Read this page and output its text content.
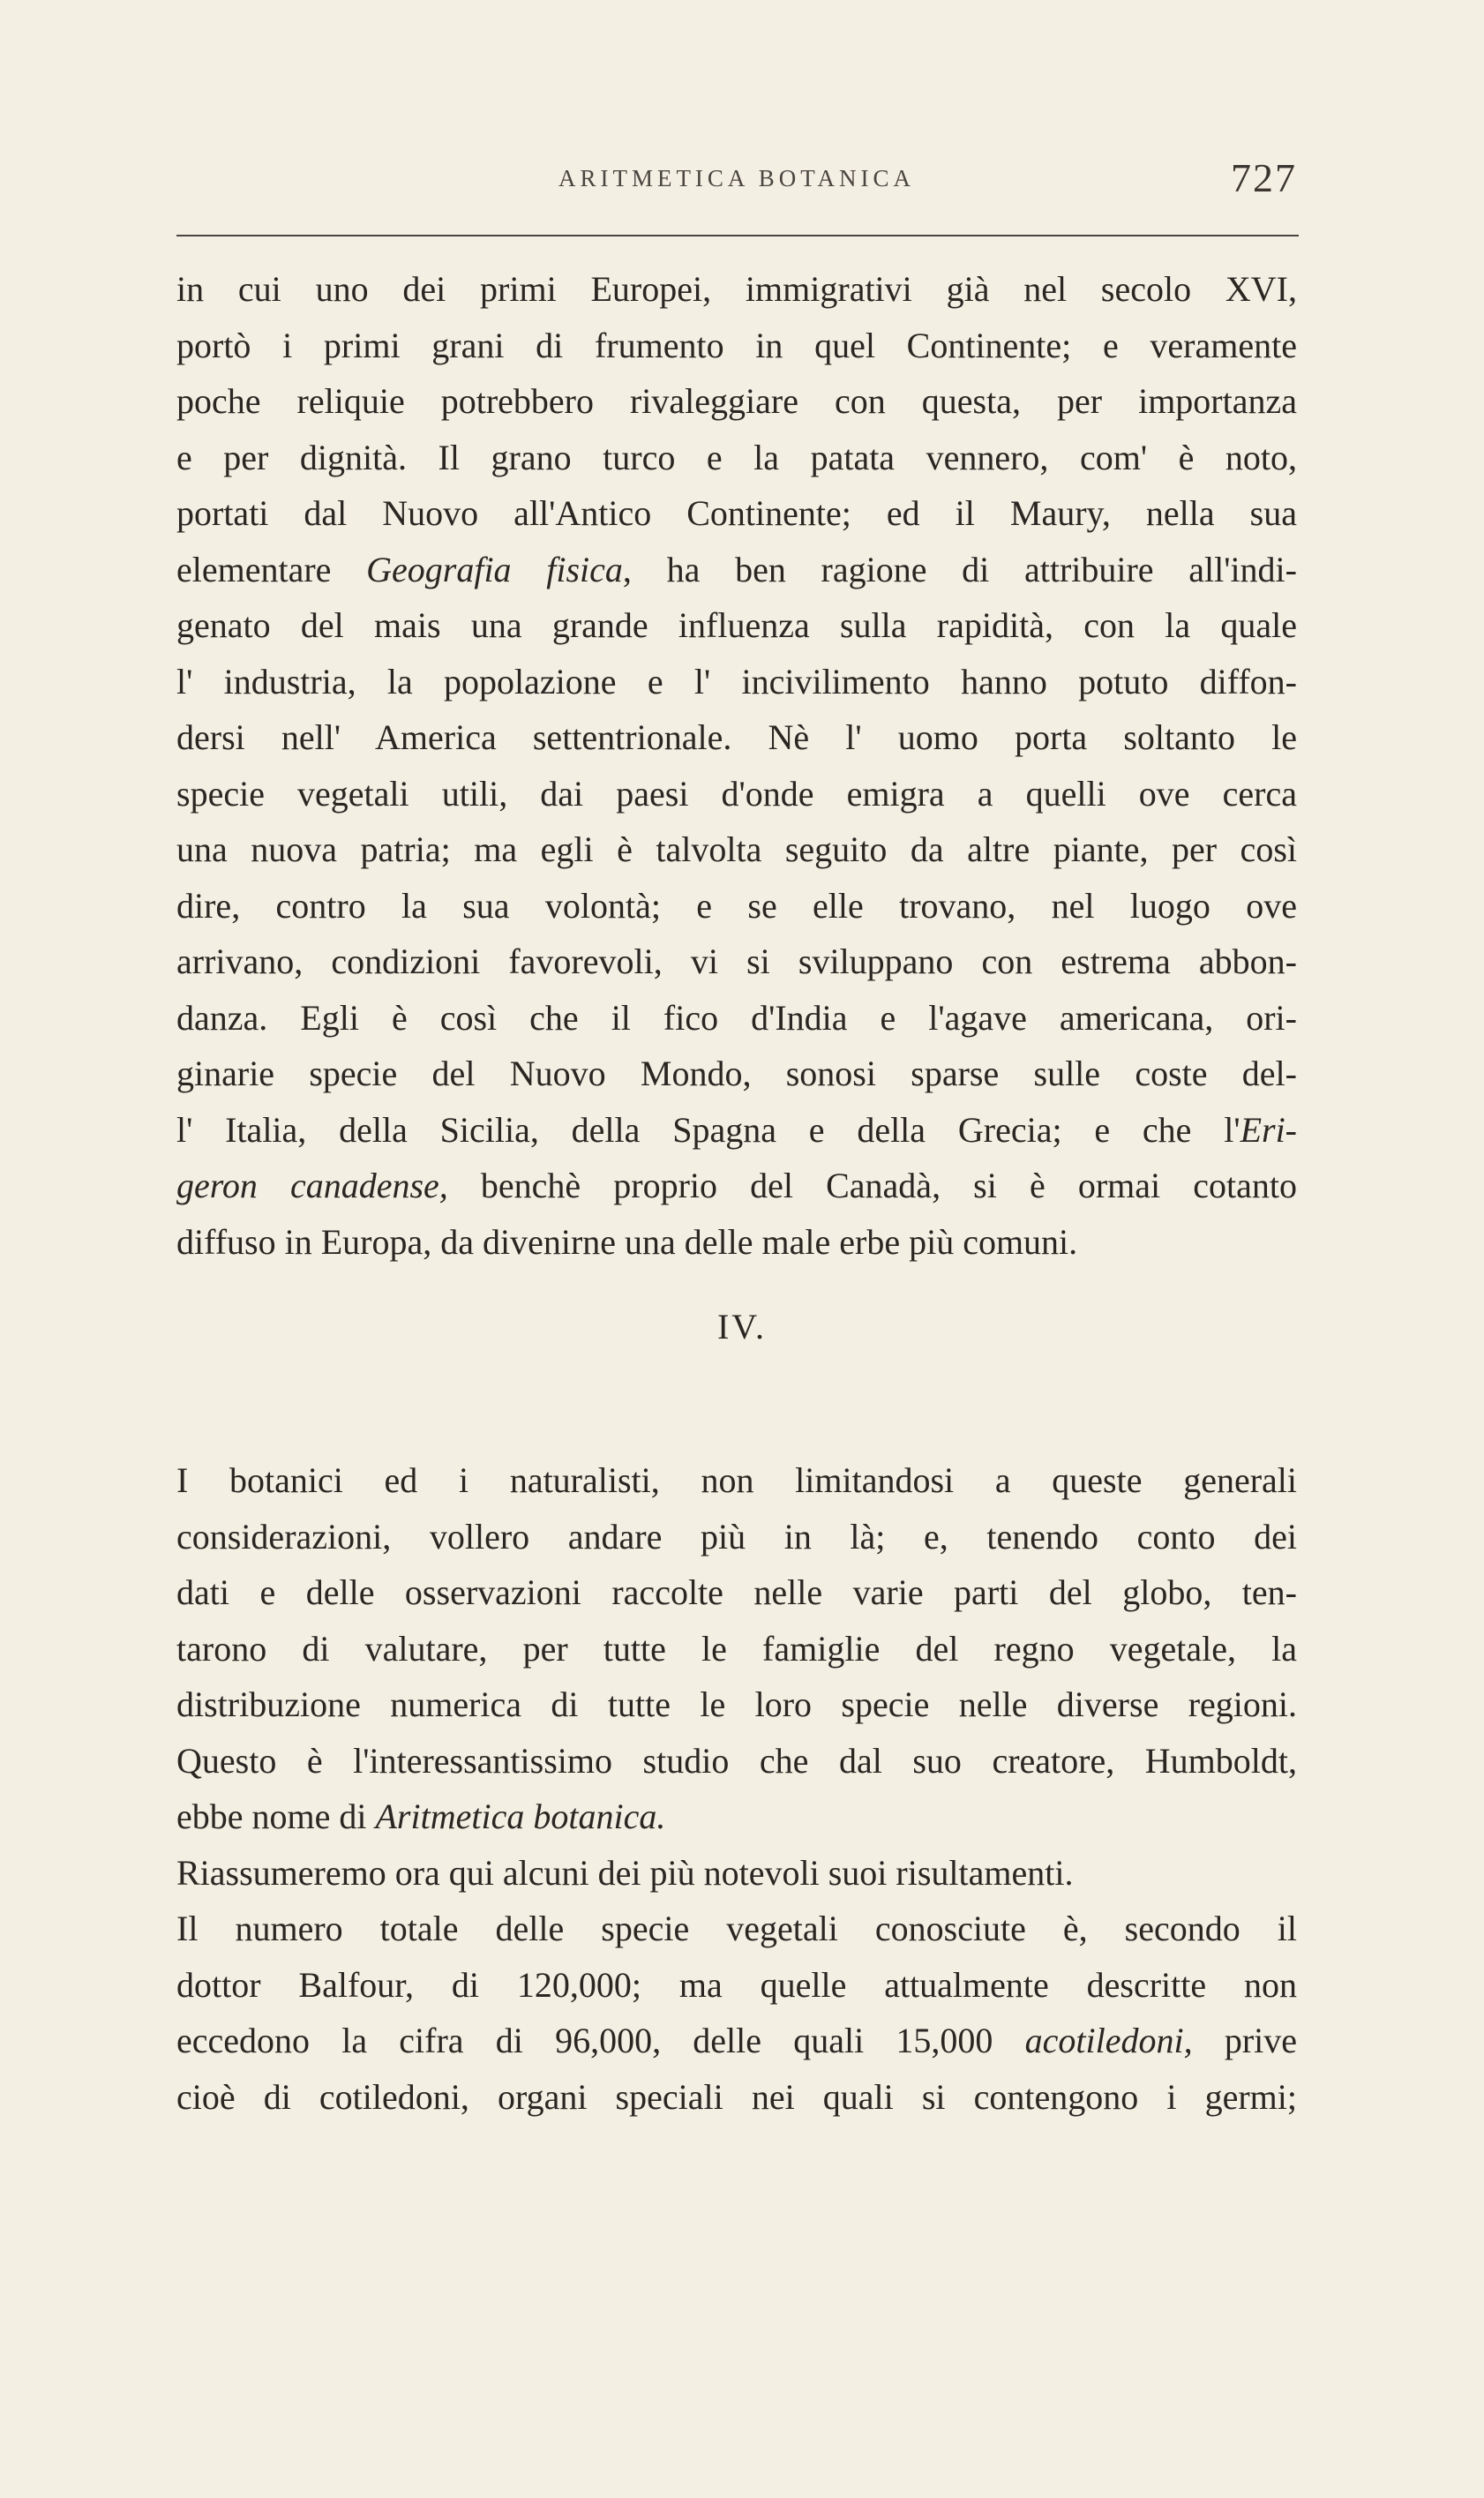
ARITMETICA BOTANICA	727
in cui uno dei primi Europei, immigrativi già nel secolo XVI,
portò i primi grani di frumento in quel Continente; e veramente
poche reliquie potrebbero rivaleggiare con questa, per importanza
e per dignità. Il grano turco e la patata vennero, com' è noto,
portati dal Nuovo all'Antico Continente; ed il Maury, nella sua
elementare Geografia fisica, ha ben ragione di attribuire all'indi-
genato del mais una grande influenza sulla rapidità, con la quale
l' industria, la popolazione e l' incivilimento hanno potuto diffon-
dersi nell' America settentrionale. Nè l' uomo porta soltanto le
specie vegetali utili, dai paesi d'onde emigra a quelli ove cerca
una nuova patria; ma egli è talvolta seguito da altre piante, per così
dire, contro la sua volontà; e se elle trovano, nel luogo ove
arrivano, condizioni favorevoli, vi si sviluppano con estrema abbon-
danza. Egli è così che il fico d'India e l'agave americana, ori-
ginarie specie del Nuovo Mondo, sonosi sparse sulle coste del-
l' Italia, della Sicilia, della Spagna e della Grecia; e che l'Eri-
geron canadense, benchè proprio del Canadà, si è ormai cotanto
diffuso in Europa, da divenirne una delle male erbe più comuni.
IV.
I botanici ed i naturalisti, non limitandosi a queste generali
considerazioni, vollero andare più in là; e, tenendo conto dei
dati e delle osservazioni raccolte nelle varie parti del globo, ten-
tarono di valutare, per tutte le famiglie del regno vegetale, la
distribuzione numerica di tutte le loro specie nelle diverse regioni.
Questo è l'interessantissimo studio che dal suo creatore, Humboldt,
ebbe nome di Aritmetica botanica.
Riassumeremo ora qui alcuni dei più notevoli suoi risultamenti.
Il numero totale delle specie vegetali conosciute è, secondo il
dottor Balfour, di 120,000; ma quelle attualmente descritte non
eccedono la cifra di 96,000, delle quali 15,000 acotiledoni, prive
cioè di cotiledoni, organi speciali nei quali si contengono i germi;
